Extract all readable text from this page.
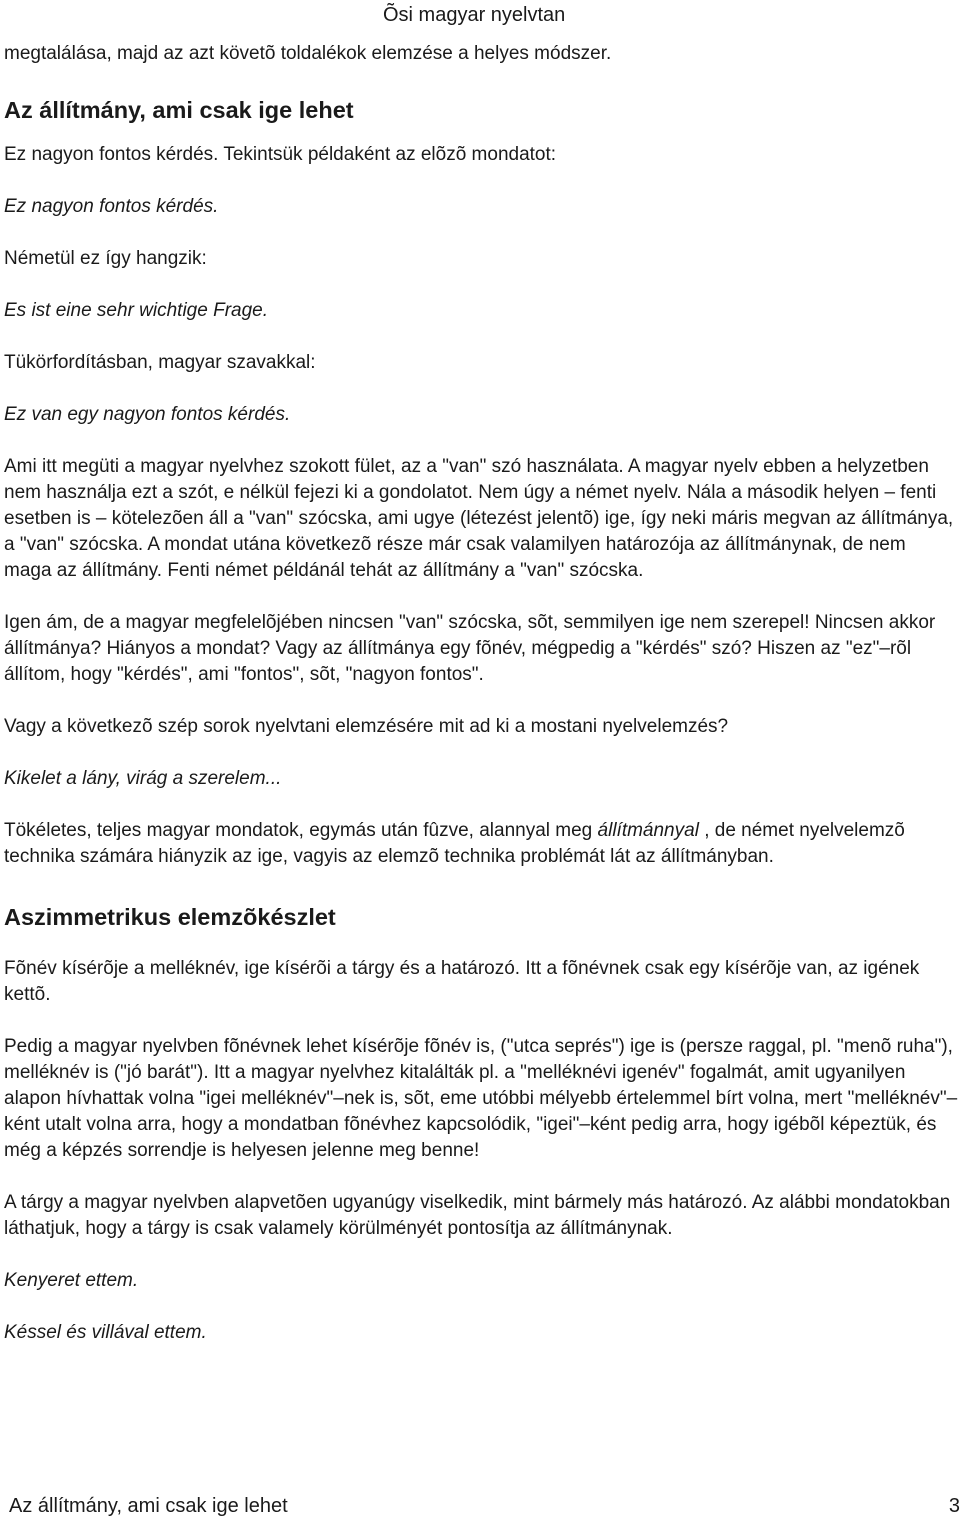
Õsi magyar nyelvtan

megtalálása, majd az azt követõ toldalékok elemzése a helyes módszer.

Az állítmány, ami csak ige lehet

Ez nagyon fontos kérdés. Tekintsük példaként az elõzõ mondatot:

Ez nagyon fontos kérdés.

Németül ez így hangzik:

Es ist eine sehr wichtige Frage.

Tükörfordításban, magyar szavakkal:

Ez van egy nagyon fontos kérdés.

Ami itt megüti a magyar nyelvhez szokott fület, az a "van" szó használata. A magyar nyelv ebben a helyzetben nem használja ezt a szót, e nélkül fejezi ki a gondolatot. Nem úgy a német nyelv. Nála a második helyen – fenti esetben is – kötelezõen áll a "van" szócska, ami ugye (létezést jelentõ) ige, így neki máris megvan az állítmánya, a "van" szócska. A mondat utána következõ része már csak valamilyen határozója az állítmánynak, de nem maga az állítmány. Fenti német példánál tehát az állítmány a "van" szócska.

Igen ám, de a magyar megfelelõjében nincsen "van" szócska, sõt, semmilyen ige nem szerepel! Nincsen akkor állítmánya? Hiányos a mondat? Vagy az állítmánya egy fõnév, mégpedig a "kérdés" szó? Hiszen az "ez"–rõl állítom, hogy "kérdés", ami "fontos", sõt, "nagyon fontos".

Vagy a következõ szép sorok nyelvtani elemzésére mit ad ki a mostani nyelvelemzés?

Kikelet a lány, virág a szerelem...

Tökéletes, teljes magyar mondatok, egymás után fûzve, alannyal meg állítmánnyal , de német nyelvelemzõ technika számára hiányzik az ige, vagyis az elemzõ technika problémát lát az állítmányban.

Aszimmetrikus elemzõkészlet

Fõnév kísérõje a melléknév, ige kísérõi a tárgy és a határozó. Itt a fõnévnek csak egy kísérõje van, az igének kettõ.

Pedig a magyar nyelvben fõnévnek lehet kísérõje fõnév is, ("utca seprés") ige is (persze raggal, pl. "menõ ruha"), melléknév is ("jó barát"). Itt a magyar nyelvhez kitalálták pl. a "melléknévi igenév" fogalmát, amit ugyanilyen alapon hívhattak volna "igei melléknév"–nek is, sõt, eme utóbbi mélyebb értelemmel bírt volna, mert "melléknév"–ként utalt volna arra, hogy a mondatban fõnévhez kapcsolódik, "igei"–ként pedig arra, hogy igébõl képeztük, és még a képzés sorrendje is helyesen jelenne meg benne!

A tárgy a magyar nyelvben alapvetõen ugyanúgy viselkedik, mint bármely más határozó. Az alábbi mondatokban láthatjuk, hogy a tárgy is csak valamely körülményét pontosítja az állítmánynak.

Kenyeret ettem.

Késsel és villával ettem.

Az állítmány, ami csak ige lehet	3
